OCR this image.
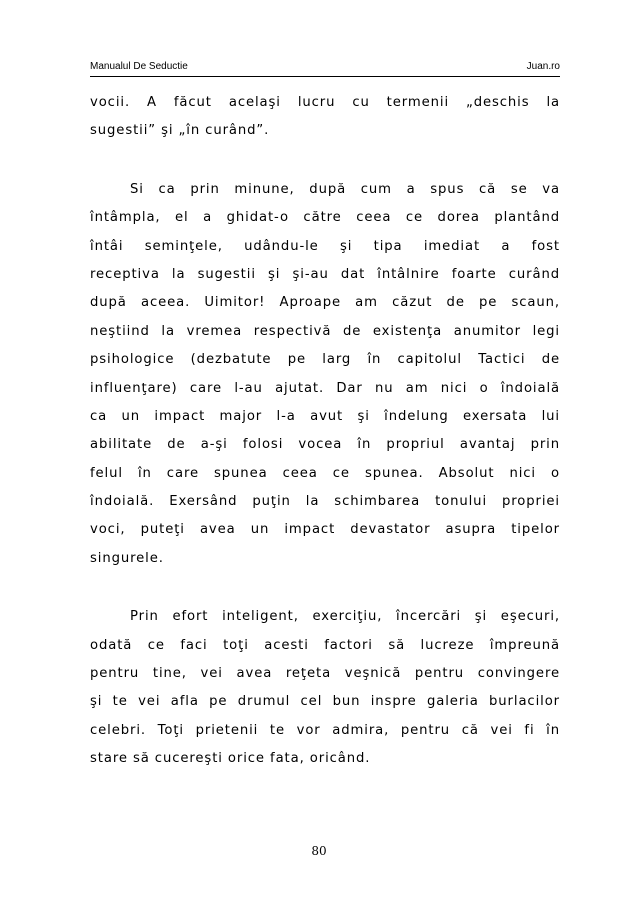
Manualul De Seductie	Juan.ro
vocii. A făcut acelaşi lucru cu termenii „deschis la
sugestii” şi „în curând”.
Si ca prin minune, după cum a spus că se va
întâmpla, el a ghidat-o către ceea ce dorea plantând
întâi seminţele, udându-le şi tipa imediat a fost
receptiva la sugestii şi şi-au dat întâlnire foarte curând
după aceea. Uimitor! Aproape am căzut de pe scaun,
neştiind la vremea respectivă de existenţa anumitor legi
psihologice (dezbatute pe larg în capitolul Tactici de
influenţare) care l-au ajutat. Dar nu am nici o îndoială
ca un impact major l-a avut şi îndelung exersata lui
abilitate de a-şi folosi vocea în propriul avantaj prin
felul în care spunea ceea ce spunea. Absolut nici o
îndoială. Exersând puţin la schimbarea tonului propriei
voci, puteţi avea un impact devastator asupra tipelor
singurele.
Prin efort inteligent, exerciţiu, încercări şi eşecuri,
odată ce faci toţi acesti factori să lucreze împreună
pentru tine, vei avea reţeta veşnică pentru convingere
şi te vei afla pe drumul cel bun inspre galeria burlacilor
celebri. Toţi prietenii te vor admira, pentru că vei fi în
stare să cucereşti orice fata, oricând.
80
